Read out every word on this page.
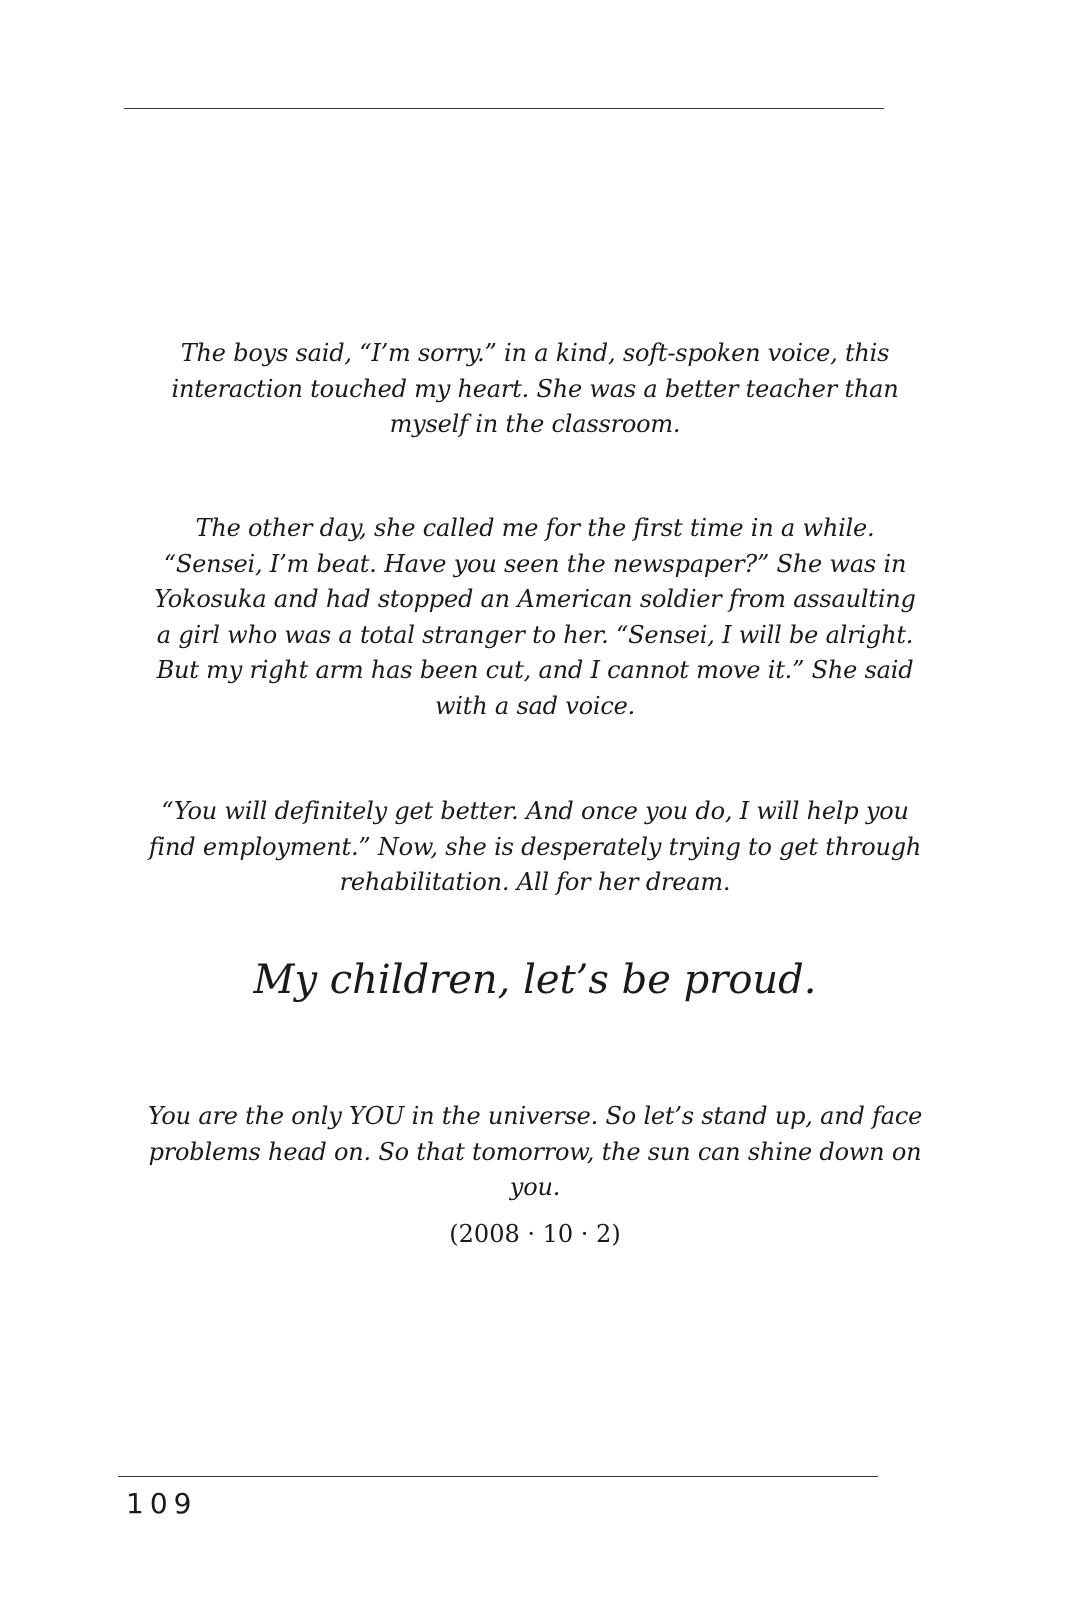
The boys said, “I’m sorry.” in a kind, soft-spoken voice, this interaction touched my heart. She was a better teacher than myself in the classroom.

The other day, she called me for the first time in a while. “Sensei, I’m beat. Have you seen the newspaper?” She was in Yokosuka and had stopped an American soldier from assaulting a girl who was a total stranger to her. “Sensei, I will be alright. But my right arm has been cut, and I cannot move it.” She said with a sad voice.

“You will definitely get better. And once you do, I will help you find employment.” Now, she is desperately trying to get through rehabilitation. All for her dream.

My children, let’s be proud.

You are the only YOU in the universe. So let’s stand up, and face problems head on. So that tomorrow, the sun can shine down on you.

(2008 · 10 · 2)
109
